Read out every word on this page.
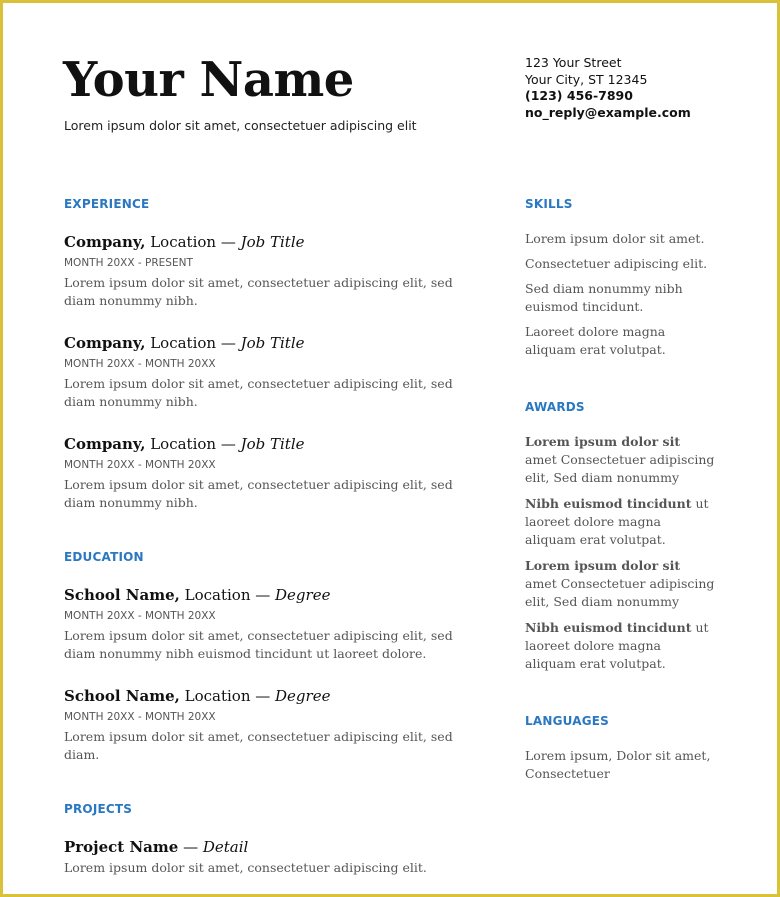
Your Name

Lorem ipsum dolor sit amet, consectetuer adipiscing elit

123 Your Street
Your City, ST 12345
(123) 456-7890
no_reply@example.com
EXPERIENCE

Company, Location — Job Title

MONTH 20XX - PRESENT

Lorem ipsum dolor sit amet, consectetuer adipiscing elit, sed diam nonummy nibh.

Company, Location — Job Title

MONTH 20XX - MONTH 20XX

Lorem ipsum dolor sit amet, consectetuer adipiscing elit, sed diam nonummy nibh.

Company, Location — Job Title

MONTH 20XX - MONTH 20XX

Lorem ipsum dolor sit amet, consectetuer adipiscing elit, sed diam nonummy nibh.

EDUCATION

School Name, Location — Degree

MONTH 20XX - MONTH 20XX

Lorem ipsum dolor sit amet, consectetuer adipiscing elit, sed diam nonummy nibh euismod tincidunt ut laoreet dolore.

School Name, Location — Degree

MONTH 20XX - MONTH 20XX

Lorem ipsum dolor sit amet, consectetuer adipiscing elit, sed diam.

PROJECTS

Project Name — Detail

Lorem ipsum dolor sit amet, consectetuer adipiscing elit.

SKILLS

Lorem ipsum dolor sit amet.

Consectetuer adipiscing elit.

Sed diam nonummy nibh euismod tincidunt.

Laoreet dolore magna aliquam erat volutpat.

AWARDS

Lorem ipsum dolor sit amet Consectetuer adipiscing elit, Sed diam nonummy

Nibh euismod tincidunt ut laoreet dolore magna aliquam erat volutpat.

Lorem ipsum dolor sit amet Consectetuer adipiscing elit, Sed diam nonummy

Nibh euismod tincidunt ut laoreet dolore magna aliquam erat volutpat.

LANGUAGES

Lorem ipsum, Dolor sit amet, Consectetuer
